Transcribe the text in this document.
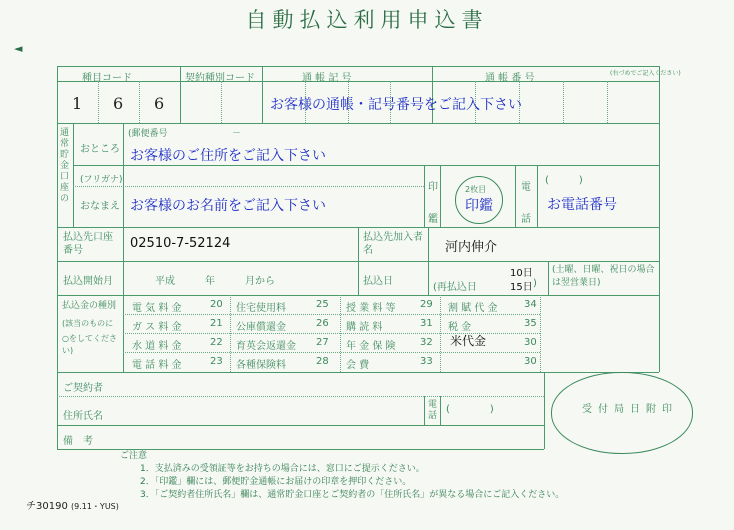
自動払込利用申込書
◄
種目コード	契約種別コード	通 帳 記 号	通 帳 番 号	(右づめでご記入ください)
1 6 6	お客様の通帳・記号番号をご記入下さい
通常貯金口座の
おところ
(郵便番号	－
お客様のご住所をご記入下さい
(フリガナ)
おなまえ お客様のお名前をご記入下さい
印鑑
2枚目
印鑑
電話
(　　　)
お電話番号
払込先口座番号	02510-7-52124	払込先加入者名	河内伸介
払込開始月	平成　　　年　　　月から	払込日
10日
(再払込日	15日 )
(土曜、日曜、祝日の場合は翌営業日)
払込金の種別
(該当のものに
○をしてください)
電 気 料 金	20 住宅使用料	25 授 業 料 等 29 割 賦 代 金	34
ガ ス 料 金	21 公庫償還金	26 購 読 料	31 税 金	35
水 道 料 金	22 育英会返還金 27 年 金 保 険 32 米代金	30
電 話 料 金	23 各種保険料	28 会 費	33	30
ご契約者
住所氏名
電話
(　　　　)
備　考
受付局日附印
ご注意
1．支払済みの受領証等をお持ちの場合には、窓口にご提示ください。
2．「印鑑」欄には、郵便貯金通帳にお届けの印章を押印ください。
3．「ご契約者住所氏名」欄は、通常貯金口座とご契約者の「住所氏名」が異なる場合にご記入ください。
チ30190 (9.11・YUS)
